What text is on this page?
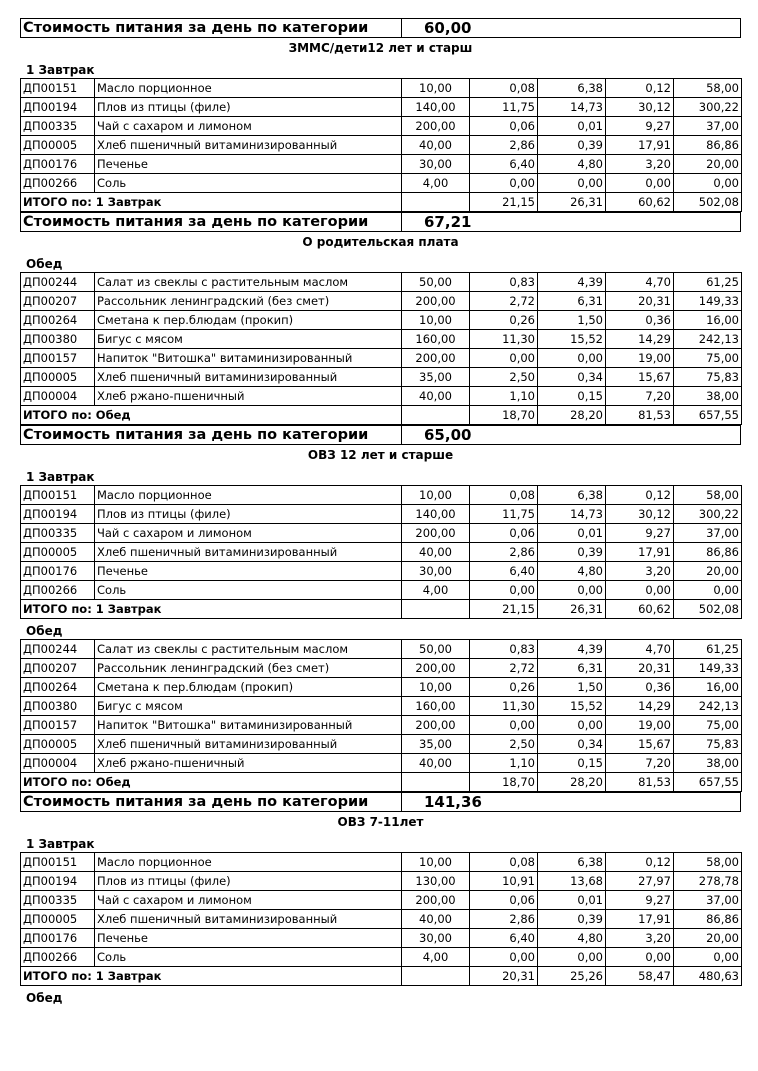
Стоимость питания за день по категории	60,00
ЗММС/дети12 лет и старш
1 Завтрак
ДП00151	Масло порционное	10,00	0,08	6,38	0,12	58,00
ДП00194	Плов из птицы (филе)	140,00	11,75	14,73	30,12	300,22
ДП00335	Чай с сахаром и лимоном	200,00	0,06	0,01	9,27	37,00
ДП00005	Хлеб пшеничный витаминизированный	40,00	2,86	0,39	17,91	86,86
ДП00176	Печенье	30,00	6,40	4,80	3,20	20,00
ДП00266	Соль	4,00	0,00	0,00	0,00	0,00
ИТОГО по: 1 Завтрак			21,15	26,31	60,62	502,08
Стоимость питания за день по категории	67,21
О родительская плата
Обед
ДП00244	Салат из свеклы с растительным маслом	50,00	0,83	4,39	4,70	61,25
ДП00207	Рассольник ленинградский (без смет)	200,00	2,72	6,31	20,31	149,33
ДП00264	Сметана к пер.блюдам (прокип)	10,00	0,26	1,50	0,36	16,00
ДП00380	Бигус с мясом	160,00	11,30	15,52	14,29	242,13
ДП00157	Напиток "Витошка" витаминизированный	200,00	0,00	0,00	19,00	75,00
ДП00005	Хлеб пшеничный витаминизированный	35,00	2,50	0,34	15,67	75,83
ДП00004	Хлеб ржано-пшеничный	40,00	1,10	0,15	7,20	38,00
ИТОГО по: Обед			18,70	28,20	81,53	657,55
Стоимость питания за день по категории	65,00
ОВЗ 12 лет и старше
1 Завтрак
ДП00151	Масло порционное	10,00	0,08	6,38	0,12	58,00
ДП00194	Плов из птицы (филе)	140,00	11,75	14,73	30,12	300,22
ДП00335	Чай с сахаром и лимоном	200,00	0,06	0,01	9,27	37,00
ДП00005	Хлеб пшеничный витаминизированный	40,00	2,86	0,39	17,91	86,86
ДП00176	Печенье	30,00	6,40	4,80	3,20	20,00
ДП00266	Соль	4,00	0,00	0,00	0,00	0,00
ИТОГО по: 1 Завтрак			21,15	26,31	60,62	502,08
Обед
ДП00244	Салат из свеклы с растительным маслом	50,00	0,83	4,39	4,70	61,25
ДП00207	Рассольник ленинградский (без смет)	200,00	2,72	6,31	20,31	149,33
ДП00264	Сметана к пер.блюдам (прокип)	10,00	0,26	1,50	0,36	16,00
ДП00380	Бигус с мясом	160,00	11,30	15,52	14,29	242,13
ДП00157	Напиток "Витошка" витаминизированный	200,00	0,00	0,00	19,00	75,00
ДП00005	Хлеб пшеничный витаминизированный	35,00	2,50	0,34	15,67	75,83
ДП00004	Хлеб ржано-пшеничный	40,00	1,10	0,15	7,20	38,00
ИТОГО по: Обед			18,70	28,20	81,53	657,55
Стоимость питания за день по категории	141,36
ОВЗ 7-11лет
1 Завтрак
ДП00151	Масло порционное	10,00	0,08	6,38	0,12	58,00
ДП00194	Плов из птицы (филе)	130,00	10,91	13,68	27,97	278,78
ДП00335	Чай с сахаром и лимоном	200,00	0,06	0,01	9,27	37,00
ДП00005	Хлеб пшеничный витаминизированный	40,00	2,86	0,39	17,91	86,86
ДП00176	Печенье	30,00	6,40	4,80	3,20	20,00
ДП00266	Соль	4,00	0,00	0,00	0,00	0,00
ИТОГО по: 1 Завтрак			20,31	25,26	58,47	480,63
Обед
